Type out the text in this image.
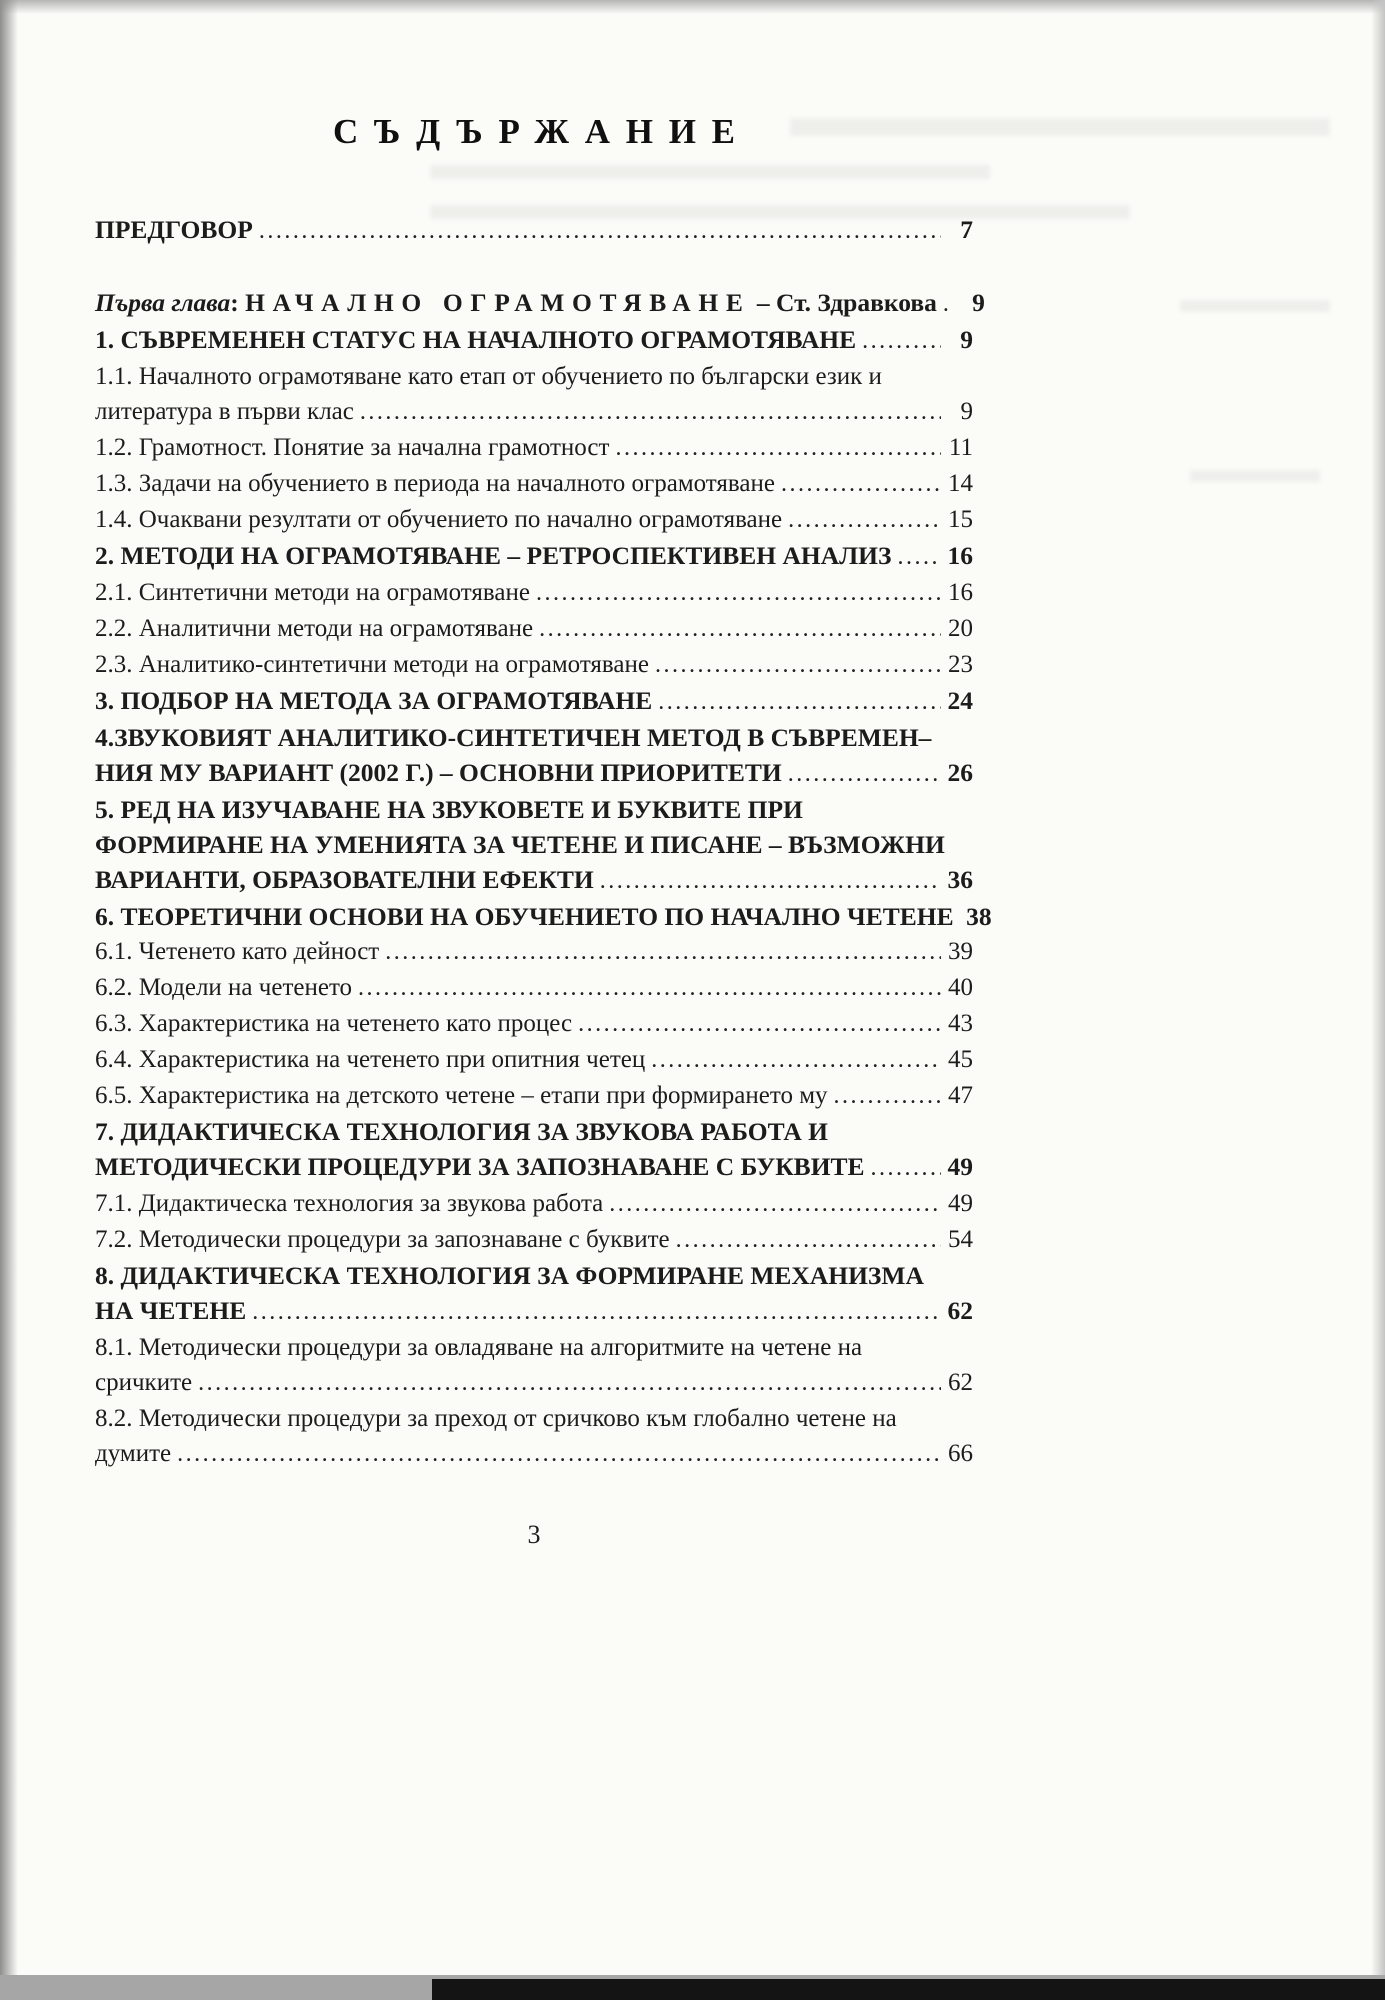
СЪДЪРЖАНИЕ
ПРЕДГОВОР .....	7
Първа глава: НАЧАЛНО ОГРАМОТЯВАНЕ – Ст. Здравкова .....	9
1. СЪВРЕМЕНЕН СТАТУС НА НАЧАЛНОТО ОГРАМОТЯВАНЕ .....	9
1.1. Началното ограмотяване като етап от обучението по български език и
литература в първи клас .....	9
1.2. Грамотност. Понятие за начална грамотност .....	11
1.3. Задачи на обучението в периода на началното ограмотяване .....	14
1.4. Очаквани резултати от обучението по начално ограмотяване .....	15
2. МЕТОДИ НА ОГРАМОТЯВАНЕ – РЕТРОСПЕКТИВЕН АНАЛИЗ ..... 16
2.1. Синтетични методи на ограмотяване .....	16
2.2. Аналитични методи на ограмотяване .....	20
2.3. Аналитико-синтетични методи на ограмотяване .....	23
3. ПОДБОР НА МЕТОДА ЗА ОГРАМОТЯВАНЕ .....	24
4.ЗВУКОВИЯТ АНАЛИТИКО-СИНТЕТИЧЕН МЕТОД В СЪВРЕМЕН–
НИЯ МУ ВАРИАНТ (2002 Г.) – ОСНОВНИ ПРИОРИТЕТИ .....	26
5. РЕД НА ИЗУЧАВАНЕ НА ЗВУКОВЕТЕ И БУКВИТЕ ПРИ
ФОРМИРАНЕ НА УМЕНИЯТА ЗА ЧЕТЕНЕ И ПИСАНЕ – ВЪЗМОЖНИ
ВАРИАНТИ, ОБРАЗОВАТЕЛНИ ЕФЕКТИ .....	36
6. ТЕОРЕТИЧНИ ОСНОВИ НА ОБУЧЕНИЕТО ПО НАЧАЛНО ЧЕТЕНЕ 38
6.1. Четенето като дейност .....	39
6.2. Модели на четенето .....	40
6.3. Характеристика на четенето като процес .....	43
6.4. Характеристика на четенето при опитния четец .....	45
6.5. Характеристика на детското четене – етапи при формирането му .....	47
7. ДИДАКТИЧЕСКА ТЕХНОЛОГИЯ ЗА ЗВУКОВА РАБОТА И
МЕТОДИЧЕСКИ ПРОЦЕДУРИ ЗА ЗАПОЗНАВАНЕ С БУКВИТЕ .....	49
7.1. Дидактическа технология за звукова работа .....	49
7.2. Методически процедури за запознаване с буквите .....	54
8. ДИДАКТИЧЕСКА ТЕХНОЛОГИЯ ЗА ФОРМИРАНЕ МЕХАНИЗМА
НА ЧЕТЕНЕ .....	62
8.1. Методически процедури за овладяване на алгоритмите на четене на
сричките .....	62
8.2. Методически процедури за преход от сричково към глобално четене на
думите .....	66
3
